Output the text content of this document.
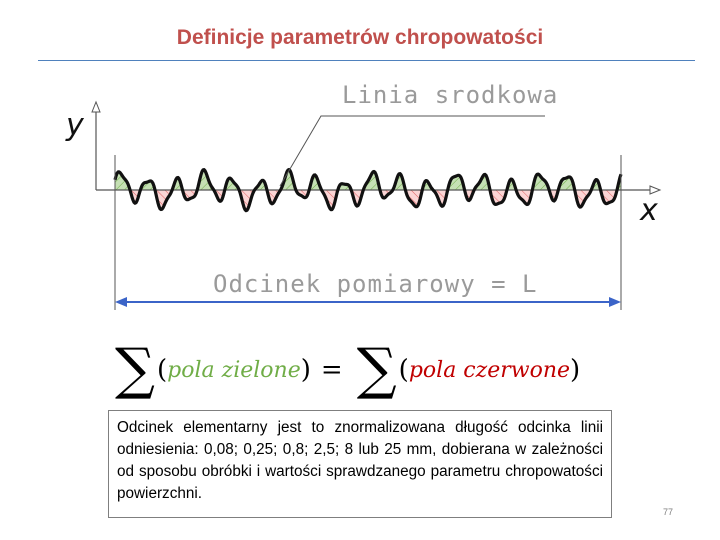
Definicje parametrów chropowatości
y
x
Linia srodkowa
Odcinek pomiarowy = L
∑ ( pola zielone ) = ∑ ( pola czerwone )
Odcinek elementarny jest to znormalizowana długość odcinka linii odniesienia: 0,08; 0,25; 0,8; 2,5; 8 lub 25 mm, dobierana w zależności od sposobu obróbki i wartości sprawdzanego parametru chropowatości powierzchni.
77
